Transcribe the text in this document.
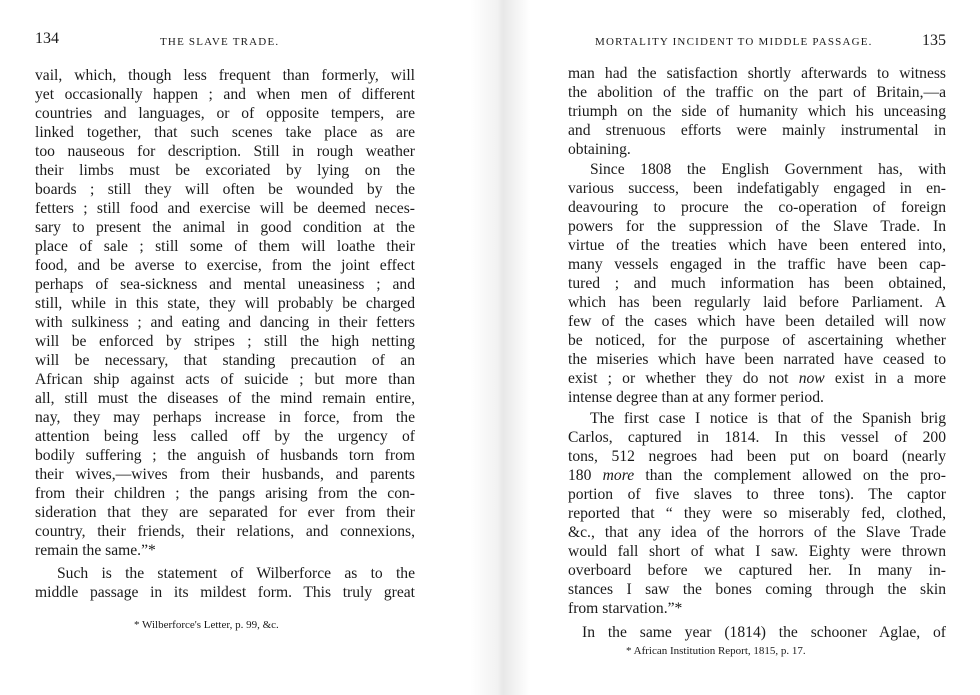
134	THE SLAVE TRADE.
vail, which, though less frequent than formerly, will
yet occasionally happen ; and when men of different
countries and languages, or of opposite tempers, are
linked together, that such scenes take place as are
too nauseous for description. Still in rough weather
their limbs must be excoriated by lying on the
boards ; still they will often be wounded by the
fetters ; still food and exercise will be deemed neces-
sary to present the animal in good condition at the
place of sale ; still some of them will loathe their
food, and be averse to exercise, from the joint effect
perhaps of sea-sickness and mental uneasiness ; and
still, while in this state, they will probably be charged
with sulkiness ; and eating and dancing in their fetters
will be enforced by stripes ; still the high netting
will be necessary, that standing precaution of an
African ship against acts of suicide ; but more than
all, still must the diseases of the mind remain entire,
nay, they may perhaps increase in force, from the
attention being less called off by the urgency of
bodily suffering ; the anguish of husbands torn from
their wives,—wives from their husbands, and parents
from their children ; the pangs arising from the con-
sideration that they are separated for ever from their
country, their friends, their relations, and connexions,
remain the same.”*
Such is the statement of Wilberforce as to the
middle passage in its mildest form. This truly great
* Wilberforce's Letter, p. 99, &c.
MORTALITY INCIDENT TO MIDDLE PASSAGE.	135
man had the satisfaction shortly afterwards to witness
the abolition of the traffic on the part of Britain,—a
triumph on the side of humanity which his unceasing
and strenuous efforts were mainly instrumental in
obtaining.
Since 1808 the English Government has, with
various success, been indefatigably engaged in en-
deavouring to procure the co-operation of foreign
powers for the suppression of the Slave Trade. In
virtue of the treaties which have been entered into,
many vessels engaged in the traffic have been cap-
tured ; and much information has been obtained,
which has been regularly laid before Parliament. A
few of the cases which have been detailed will now
be noticed, for the purpose of ascertaining whether
the miseries which have been narrated have ceased to
exist ; or whether they do not now exist in a more
intense degree than at any former period.
The first case I notice is that of the Spanish brig
Carlos, captured in 1814. In this vessel of 200
tons, 512 negroes had been put on board (nearly
180 more than the complement allowed on the pro-
portion of five slaves to three tons). The captor
reported that “ they were so miserably fed, clothed,
&c., that any idea of the horrors of the Slave Trade
would fall short of what I saw. Eighty were thrown
overboard before we captured her. In many in-
stances I saw the bones coming through the skin
from starvation.”*
In the same year (1814) the schooner Aglae, of
* African Institution Report, 1815, p. 17.
